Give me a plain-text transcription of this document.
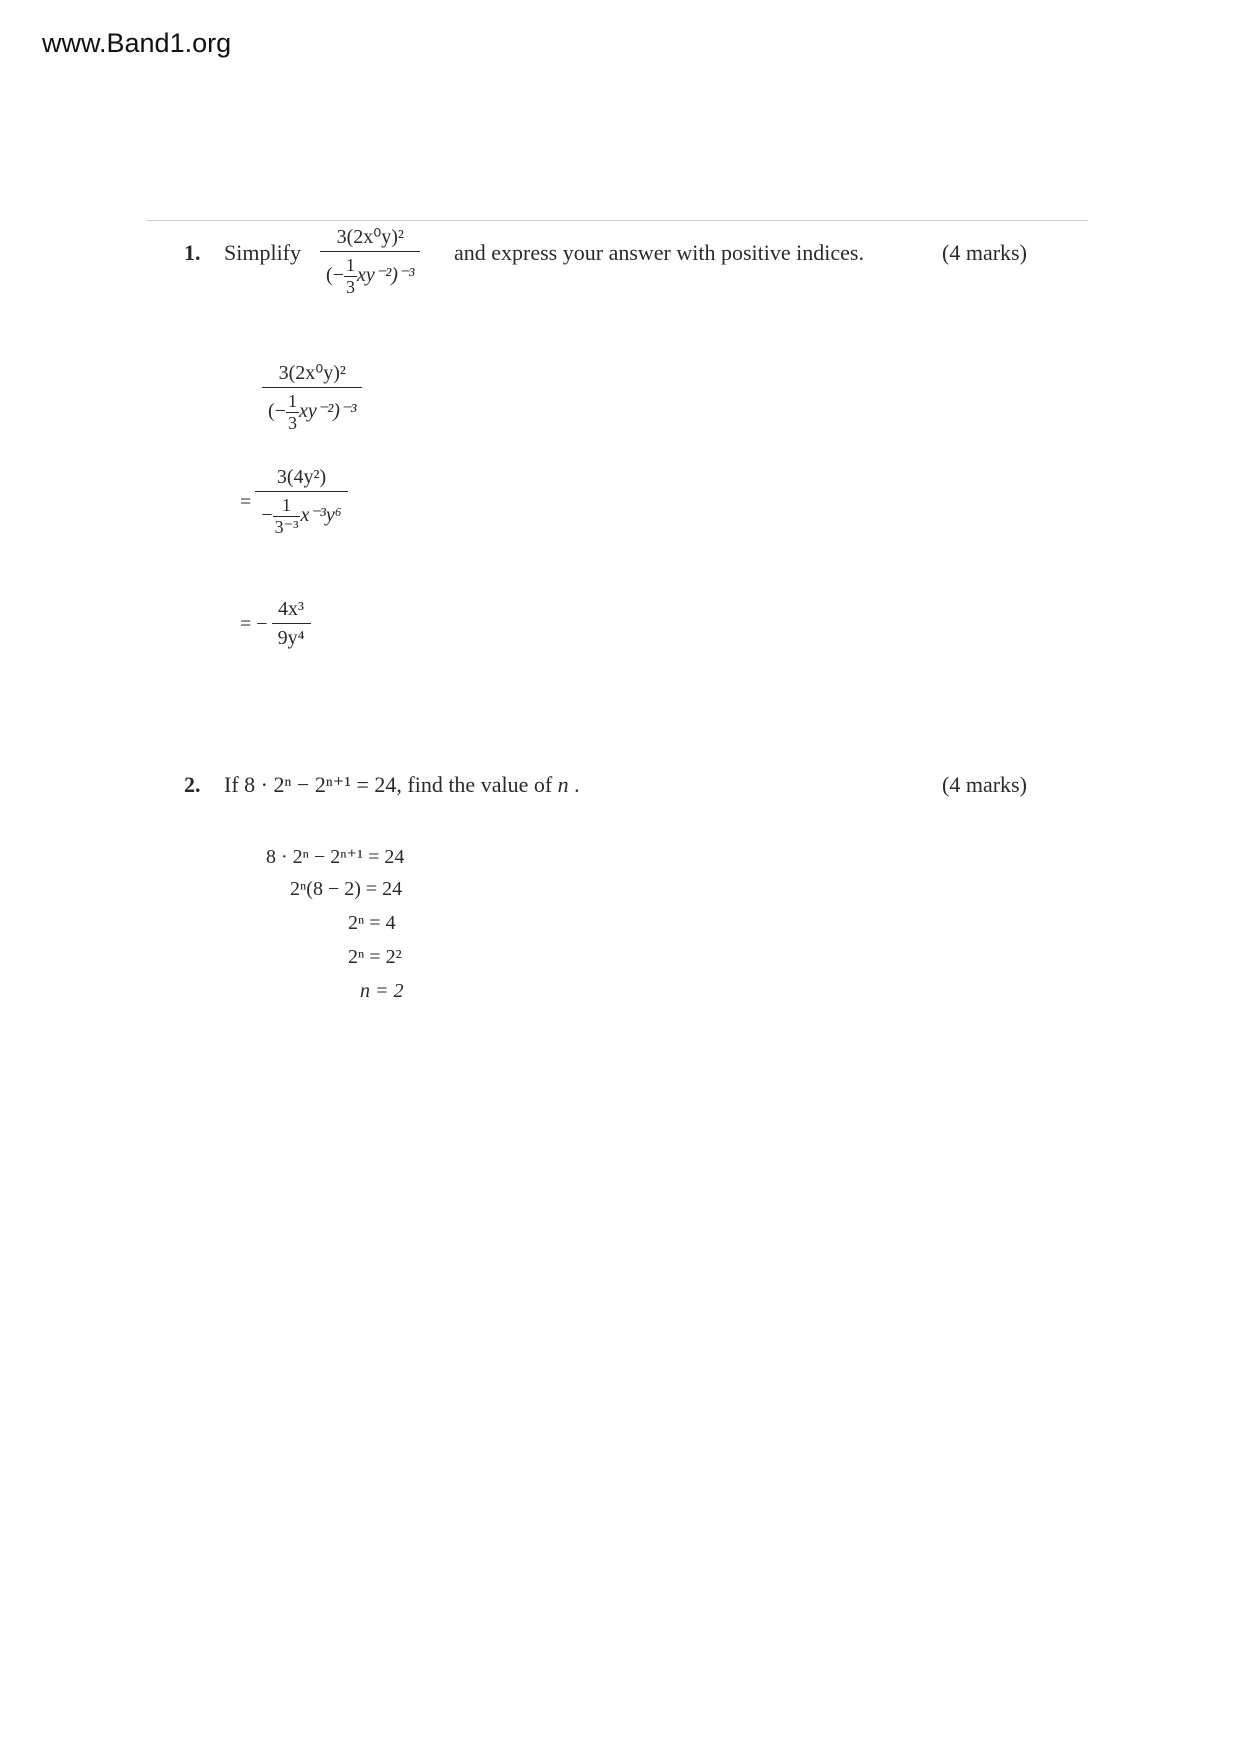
www.Band1.org
1. Simplify $\frac{\text{3(2x⁰y)²}}{(- \frac{1}{3} xy^{-2})^{-3}}$ and express your answer with positive indices.	(4 marks)
$\frac{\text{3(2x⁰y)²}}{(- \frac{1}{3} xy^{-2})^{-3}}$
= $\frac{\text{3(4y²)}}{- \frac{1}{\text{3⁻³}} x^{-3}y^6}$
= − $\frac{\text{4x³}}{\text{9y⁴}}$
2. If 8 · 2ⁿ − 2ⁿ⁺¹ = 24, find the value of n .	(4 marks)
8 · 2ⁿ − 2ⁿ⁺¹ = 24
2ⁿ(8 − 2) = 24
2ⁿ = 4
2ⁿ = 2²
n = 2
